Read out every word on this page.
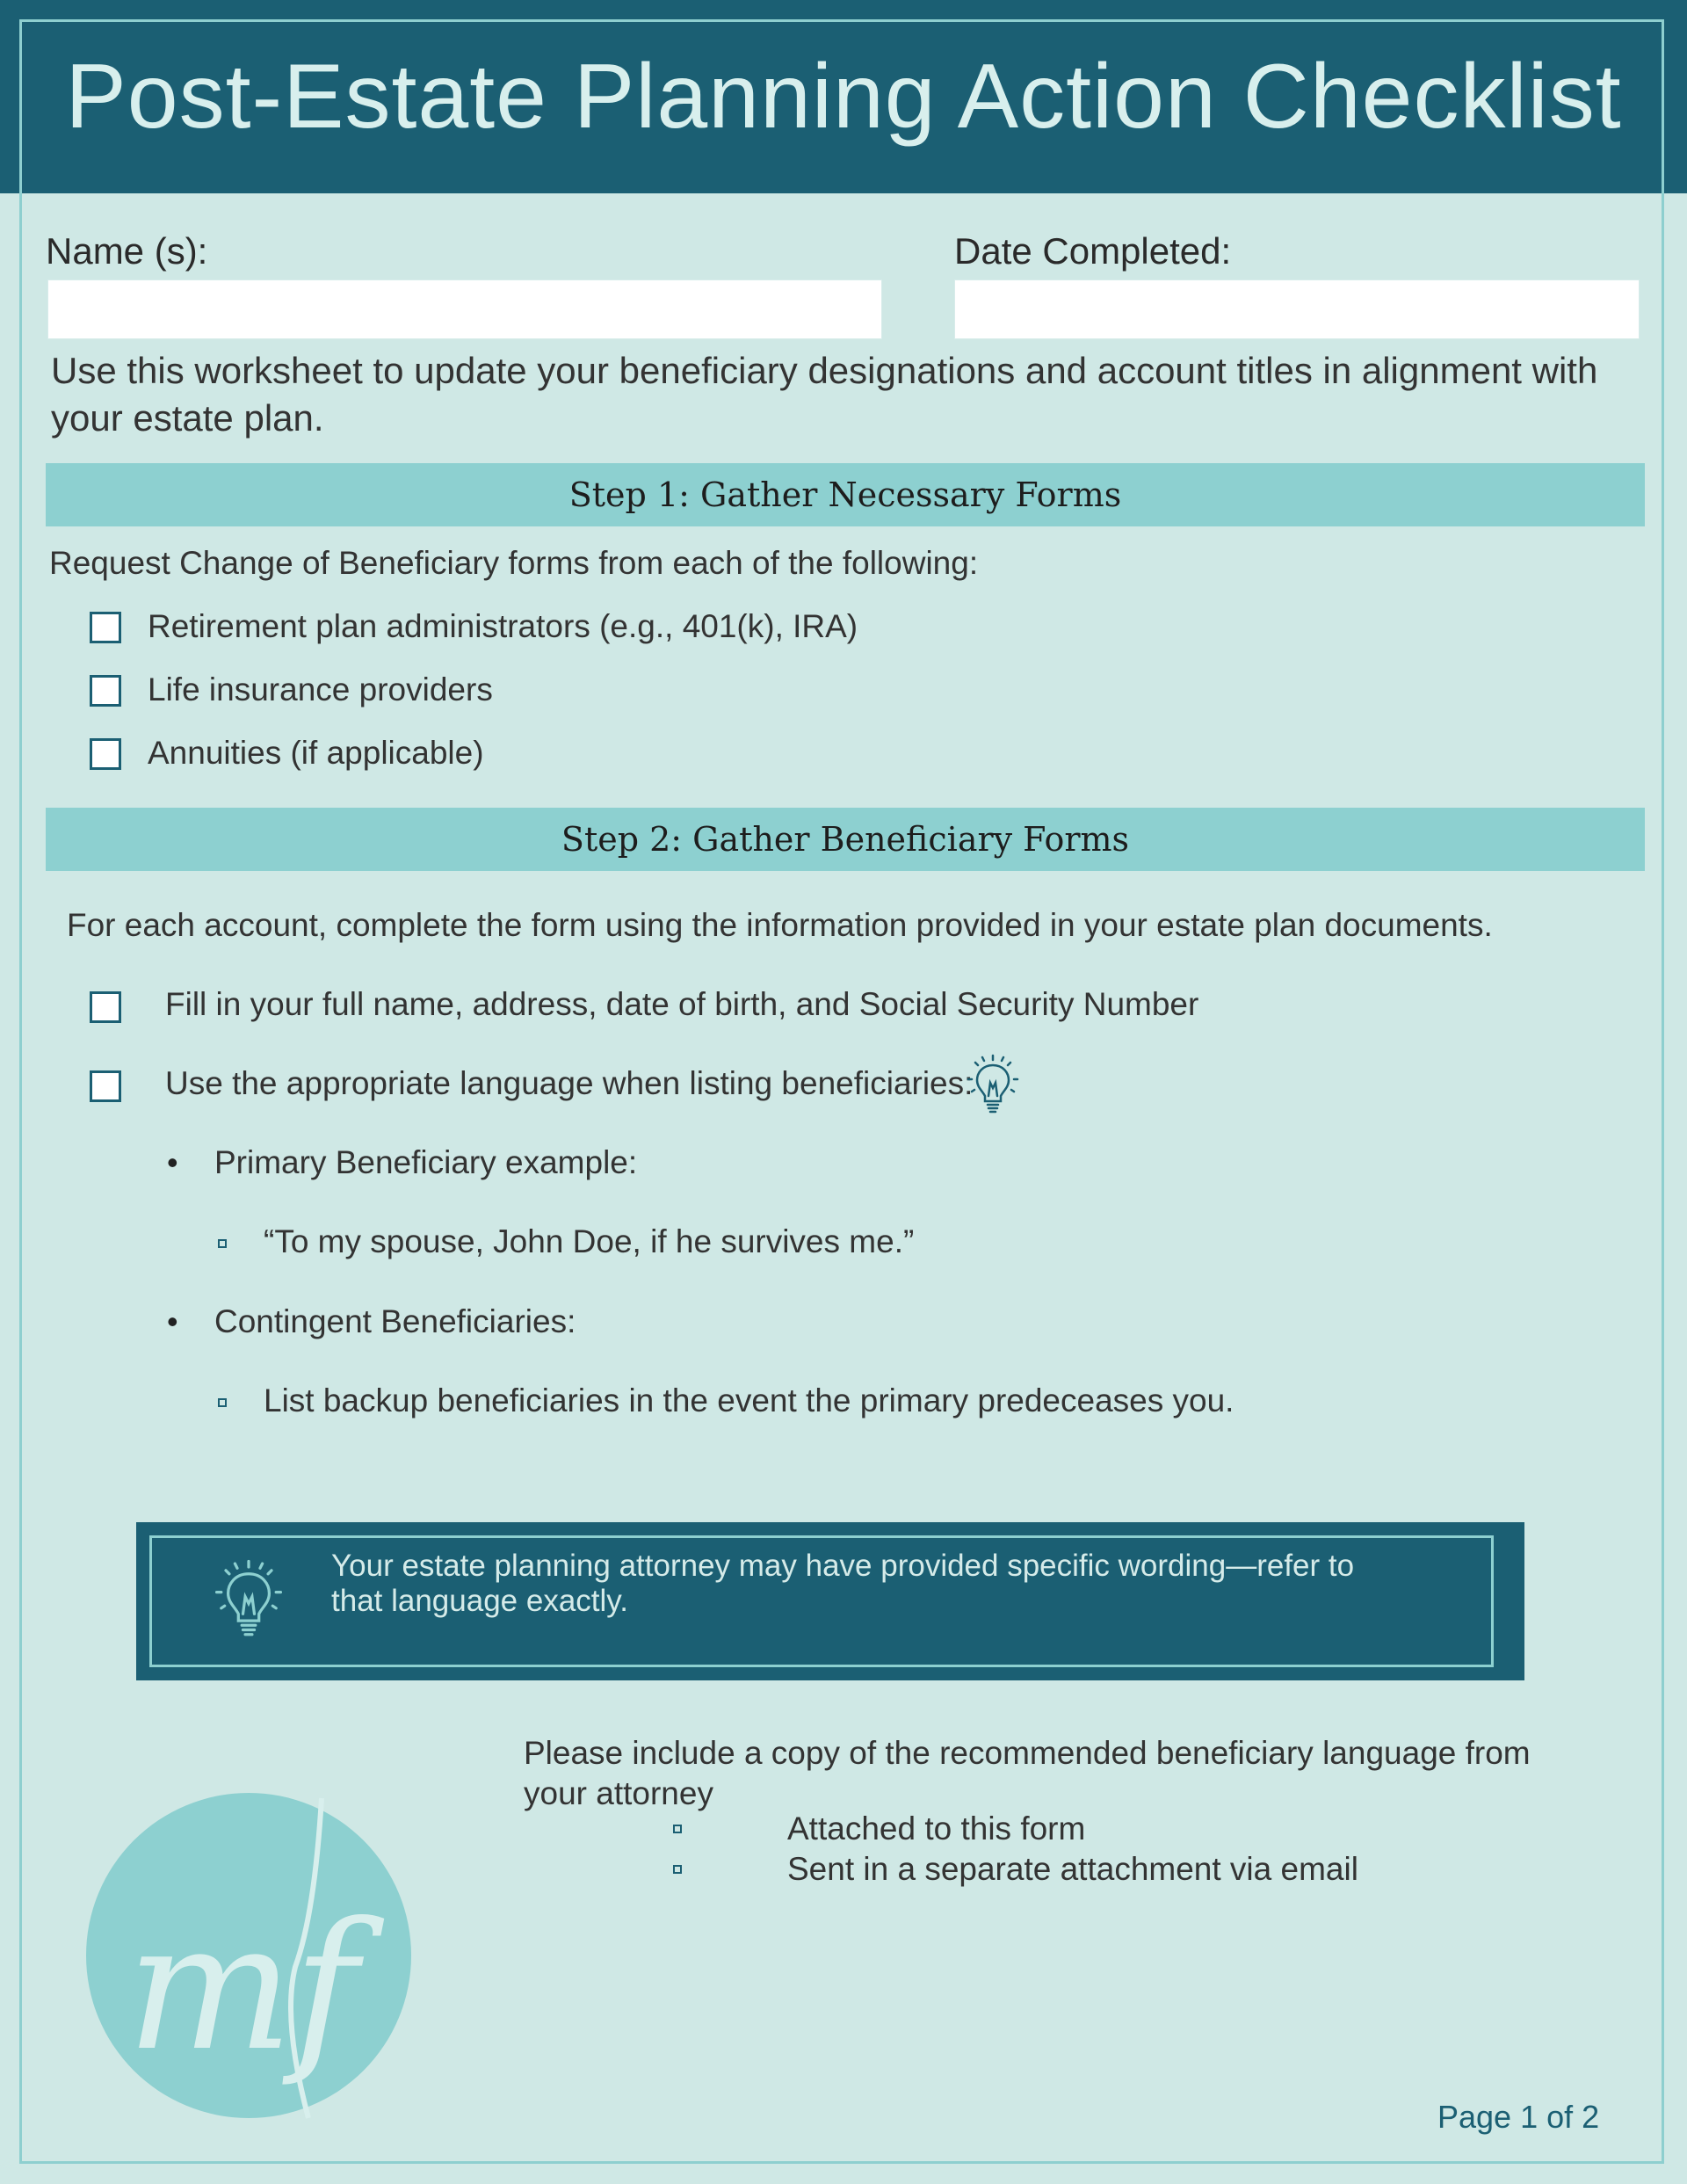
Post-Estate Planning Action Checklist
Name (s):	Date Completed:
Use this worksheet to update your beneficiary designations and account titles in alignment with your estate plan.
Step 1: Gather Necessary Forms
Request Change of Beneficiary forms from each of the following:
Retirement plan administrators (e.g., 401(k), IRA)
Life insurance providers
Annuities (if applicable)
Step 2: Gather Beneficiary Forms
For each account, complete the form using the information provided in your estate plan documents.
Fill in your full name, address, date of birth, and Social Security Number
Use the appropriate language when listing beneficiaries:
• Primary Beneficiary example:
“To my spouse, John Doe, if he survives me.”
• Contingent Beneficiaries:
List backup beneficiaries in the event the primary predeceases you.
Your estate planning attorney may have provided specific wording—refer to that language exactly.
Please include a copy of the recommended beneficiary language from your attorney
Attached to this form
Sent in a separate attachment via email
mf
Page 1 of 2
